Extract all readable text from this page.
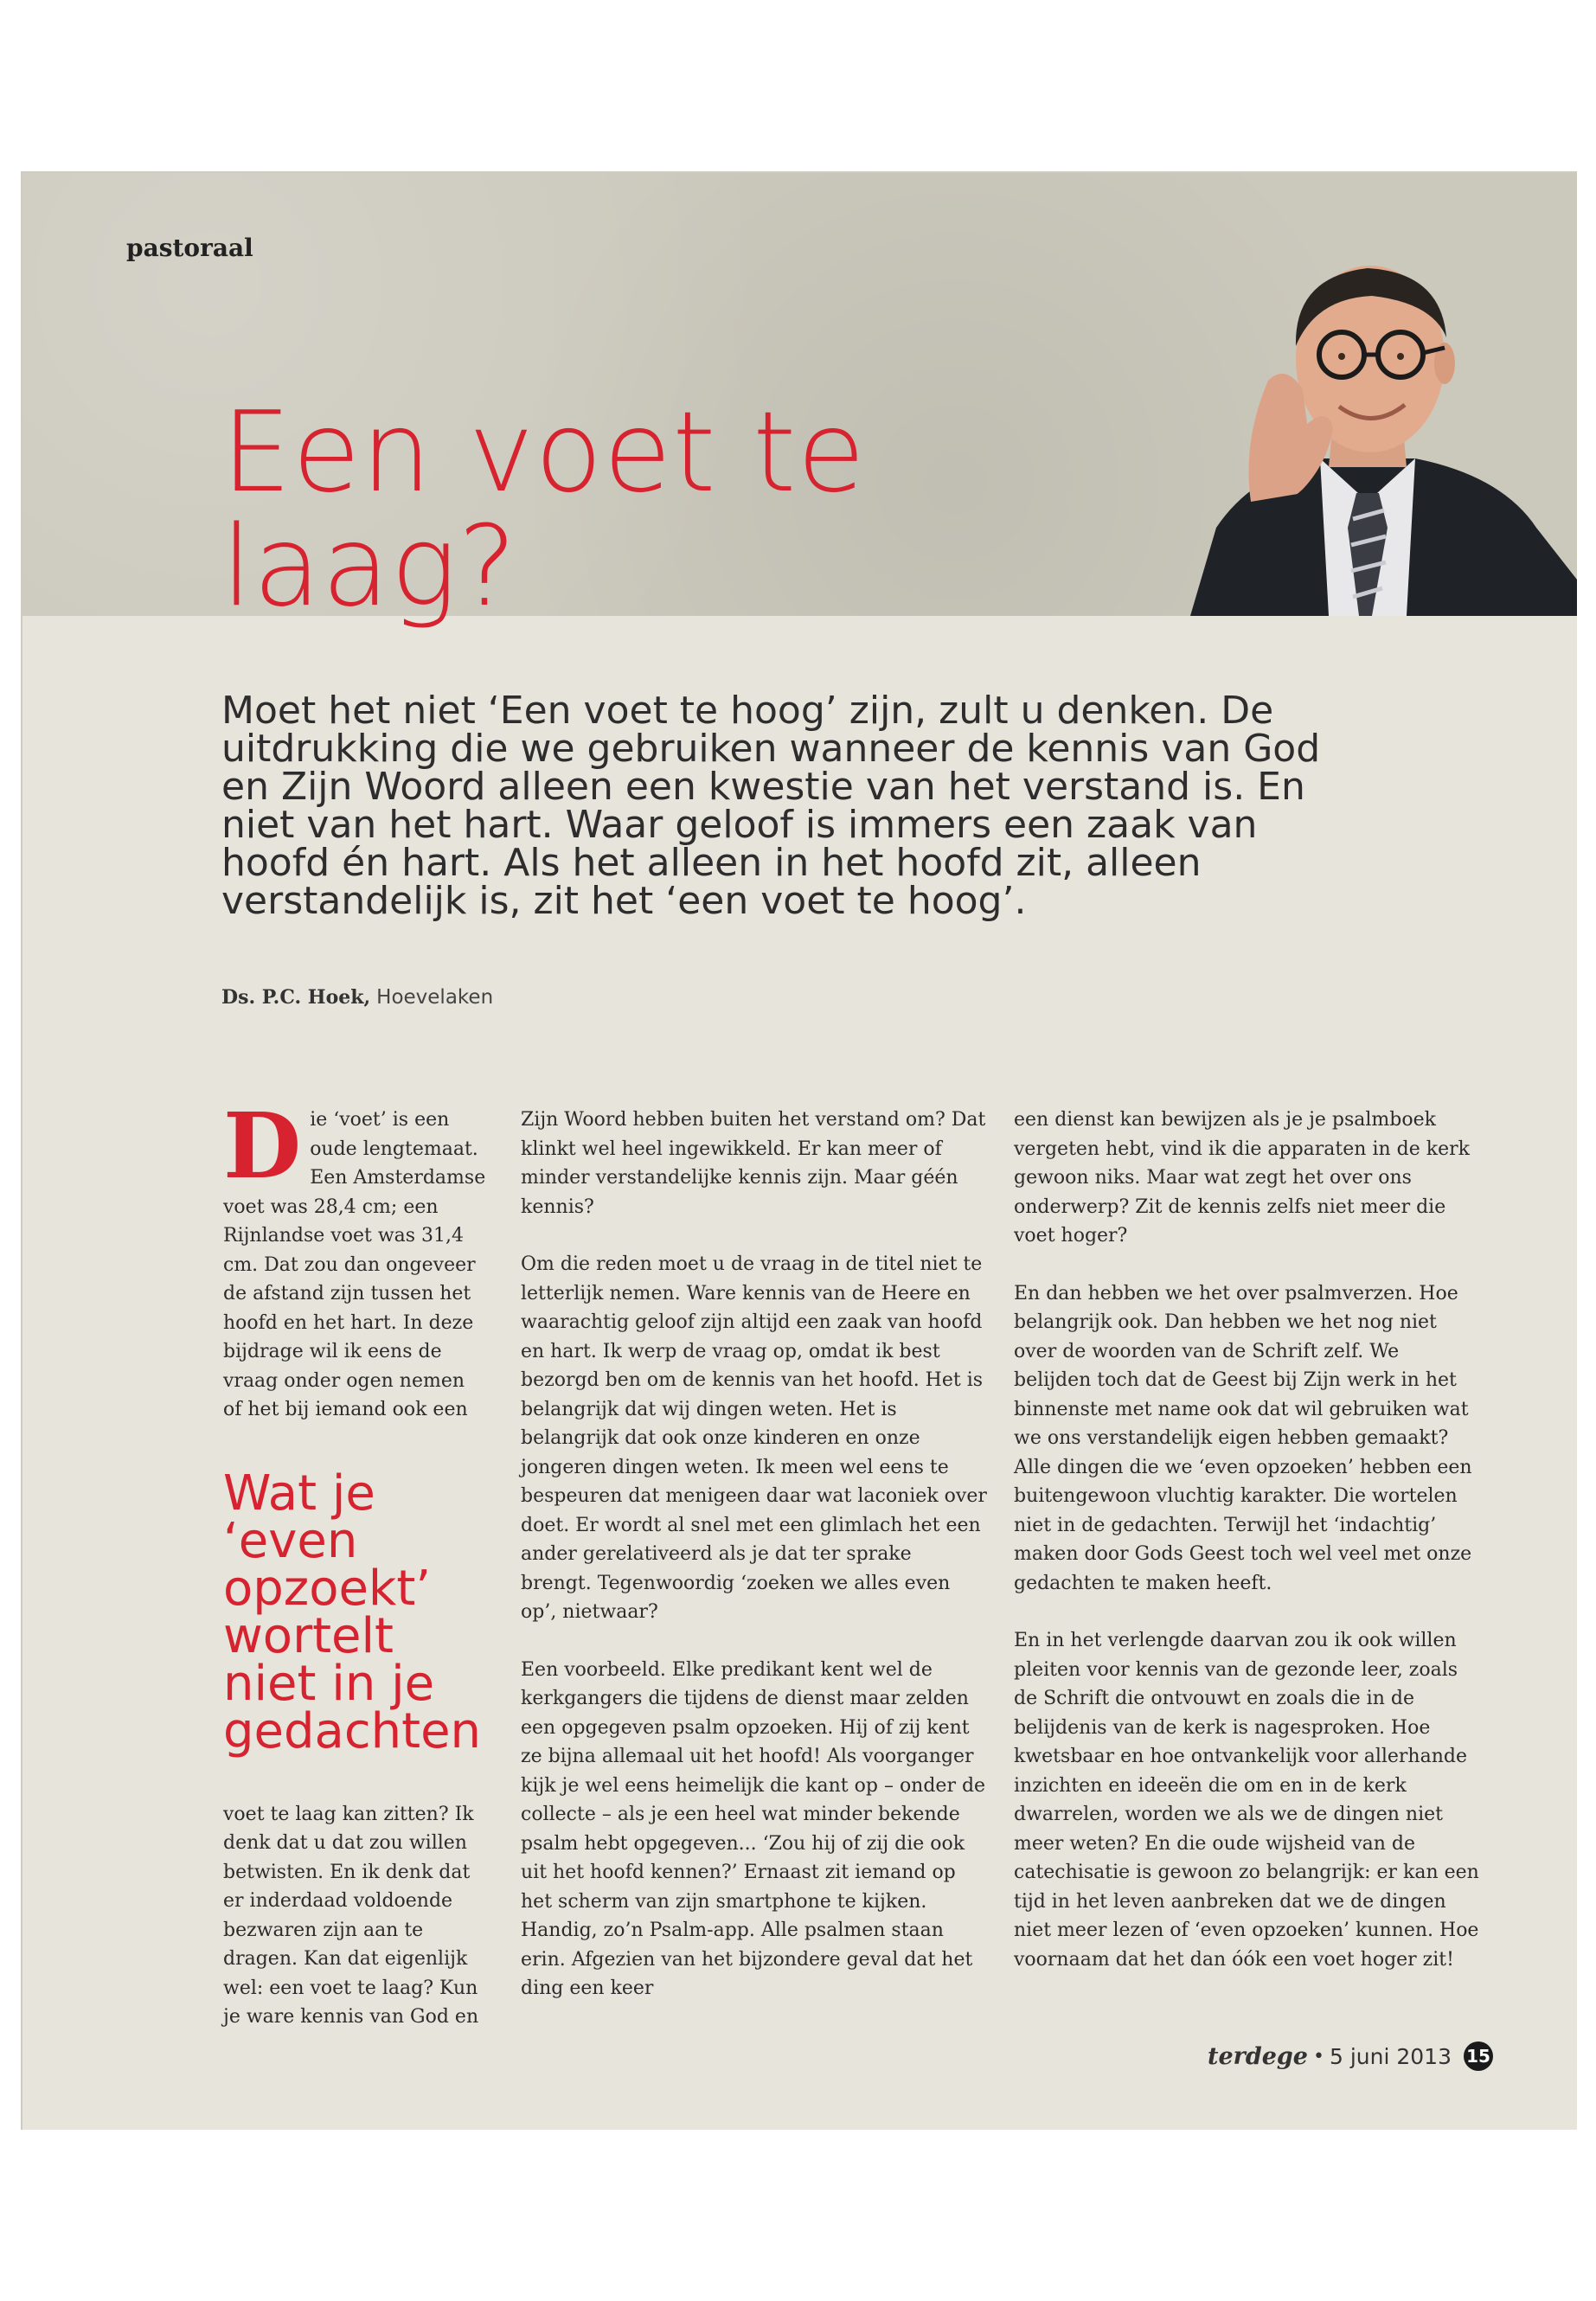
pastoraal
Een voet te
laag?

Moet het niet ‘Een voet te hoog’ zijn, zult u denken. De uitdrukking die we gebruiken wanneer de kennis van God en Zijn Woord alleen een kwestie van het verstand is. En niet van het hart. Waar geloof is immers een zaak van hoofd én hart. Als het alleen in het hoofd zit, alleen verstandelijk is, zit het ‘een voet te hoog’.

Ds. P.C. Hoek, Hoevelaken

Die ‘voet’ is een oude lengtemaat. Een Amsterdamse voet was 28,4 cm; een Rijnlandse voet was 31,4 cm. Dat zou dan ongeveer de afstand zijn tussen het hoofd en het hart. In deze bijdrage wil ik eens de vraag onder ogen nemen of het bij iemand ook een

Wat je ‘even opzoekt’ wortelt niet in je gedachten

voet te laag kan zitten? Ik denk dat u dat zou willen betwisten. En ik denk dat er inderdaad voldoende bezwaren zijn aan te dragen. Kan dat eigenlijk wel: een voet te laag? Kun je ware kennis van God en

Zijn Woord hebben buiten het verstand om? Dat klinkt wel heel ingewikkeld. Er kan meer of minder verstandelijke kennis zijn. Maar géén kennis?

Om die reden moet u de vraag in de titel niet te letterlijk nemen. Ware kennis van de Heere en waarachtig geloof zijn altijd een zaak van hoofd en hart. Ik werp de vraag op, omdat ik best bezorgd ben om de kennis van het hoofd. Het is belangrijk dat wij dingen weten. Het is belangrijk dat ook onze kinderen en onze jongeren dingen weten. Ik meen wel eens te bespeuren dat menigeen daar wat laconiek over doet. Er wordt al snel met een glimlach het een ander gerelativeerd als je dat ter sprake brengt. Tegenwoordig ‘zoeken we alles even op’, nietwaar?

Een voorbeeld. Elke predikant kent wel de kerkgangers die tijdens de dienst maar zelden een opgegeven psalm opzoeken. Hij of zij kent ze bijna allemaal uit het hoofd! Als voorganger kijk je wel eens heimelijk die kant op – onder de collecte – als je een heel wat minder bekende psalm hebt opgegeven... ‘Zou hij of zij die ook uit het hoofd kennen?’ Ernaast zit iemand op het scherm van zijn smartphone te kijken. Handig, zo’n Psalm-app. Alle psalmen staan erin. Afgezien van het bijzondere geval dat het ding een keer

een dienst kan bewijzen als je je psalmboek vergeten hebt, vind ik die apparaten in de kerk gewoon niks. Maar wat zegt het over ons onderwerp? Zit de kennis zelfs niet meer die voet hoger?

En dan hebben we het over psalmverzen. Hoe belangrijk ook. Dan hebben we het nog niet over de woorden van de Schrift zelf. We belijden toch dat de Geest bij Zijn werk in het binnenste met name ook dat wil gebruiken wat we ons verstandelijk eigen hebben gemaakt? Alle dingen die we ‘even opzoeken’ hebben een buitengewoon vluchtig karakter. Die wortelen niet in de gedachten. Terwijl het ‘indachtig’ maken door Gods Geest toch wel veel met onze gedachten te maken heeft.

En in het verlengde daarvan zou ik ook willen pleiten voor kennis van de gezonde leer, zoals de Schrift die ontvouwt en zoals die in de belijdenis van de kerk is nagesproken. Hoe kwetsbaar en hoe ontvankelijk voor allerhande inzichten en ideeën die om en in de kerk dwarrelen, worden we als we de dingen niet meer weten? En die oude wijsheid van de catechisatie is gewoon zo belangrijk: er kan een tijd in het leven aanbreken dat we de dingen niet meer lezen of ‘even opzoeken’ kunnen. Hoe voornaam dat het dan óók een voet hoger zit!

terdege • 5 juni 2013 15
